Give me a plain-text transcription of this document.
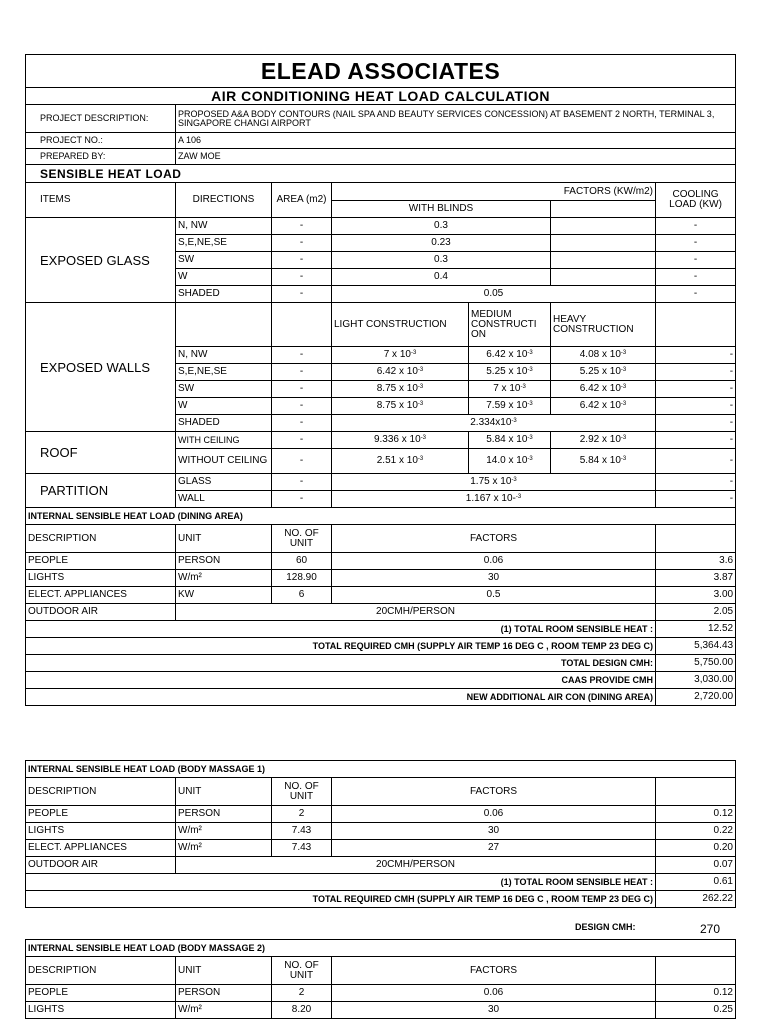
ELEAD ASSOCIATES						
AIR CONDITIONING HEAT LOAD CALCULATION						
PROJECT DESCRIPTION:	PROPOSED A&A BODY CONTOURS (NAIL SPA AND BEAUTY SERVICES CONCESSION) AT BASEMENT 2 NORTH, TERMINAL 3, SINGAPORE CHANGI AIRPORT					
PROJECT NO.:	A 106					
PREPARED BY:	ZAW MOE					
SENSIBLE HEAT LOAD						
ITEMS	DIRECTIONS	AREA (m2)	FACTORS (KW/m2)			COOLING LOAD (KW)
			WITH BLINDS			
EXPOSED GLASS	N, NW	-	0.3			-
	S,E,NE,SE	-	0.23			-
	SW	-	0.3			-
	W	-	0.4			-
	SHADED	-	0.05			-
EXPOSED WALLS			LIGHT CONSTRUCTION	MEDIUM CONSTRUCTI ON	HEAVY CONSTRUCTION	
	N, NW	-	7 x $10^{-3}$	6.42 x $10^{-3}$	4.08 x $10^{-3}$	-
	S,E,NE,SE	-	6.42 x $10^{-3}$	5.25 x $10^{-3}$	5.25 x $10^{-3}$	-
	SW	-	8.75 x $10^{-3}$	7 x $10^{-3}$	6.42 x $10^{-3}$	-
	W	-	8.75 x $10^{-3}$	7.59 x $10^{-3}$	6.42 x $10^{-3}$	-
	SHADED	-	$2.334x10^{-3}$			-
ROOF	WITH CEILING	-	9.336 x $10^{-3}$	5.84 x $10^{-3}$	2.92 x $10^{-3}$	-
	WITHOUT CEILING	-	2.51 x $10^{-3}$	14.0 x $10^{-3}$	5.84 x $10^{-3}$	-
PARTITION	GLASS	-	1.75 x $10^{-3}$			-
	WALL	-	1.167 x 10-$^{-3}$			-
INTERNAL SENSIBLE HEAT LOAD (DINING AREA)						
DESCRIPTION	UNIT	NO. OF UNIT	FACTORS			
PEOPLE	PERSON	60	0.06			3.6
LIGHTS	W/m²	128.90	30			3.87
ELECT. APPLIANCES	KW	6	0.5			3.00
OUTDOOR AIR	20CMH/PERSON					2.05
(1) TOTAL ROOM SENSIBLE HEAT :						12.52
TOTAL REQUIRED CMH (SUPPLY AIR TEMP 16 DEG C , ROOM TEMP 23 DEG C)						5,364.43
TOTAL DESIGN CMH:						5,750.00
CAAS PROVIDE CMH						3,030.00
NEW ADDITIONAL AIR CON (DINING AREA)						2,720.00
INTERNAL SENSIBLE HEAT LOAD (BODY MASSAGE 1)				
DESCRIPTION	UNIT	NO. OF UNIT	FACTORS	
PEOPLE	PERSON	2	0.06	0.12
LIGHTS	W/m²	7.43	30	0.22
ELECT. APPLIANCES	W/m²	7.43	27	0.20
OUTDOOR AIR	20CMH/PERSON			0.07
(1) TOTAL ROOM SENSIBLE HEAT :				0.61
TOTAL REQUIRED CMH (SUPPLY AIR TEMP 16 DEG C , ROOM TEMP 23 DEG C)				262.22
DESIGN CMH:	270
INTERNAL SENSIBLE HEAT LOAD (BODY MASSAGE 2)				
DESCRIPTION	UNIT	NO. OF UNIT	FACTORS	
PEOPLE	PERSON	2	0.06	0.12
LIGHTS	W/m²	8.20	30	0.25
